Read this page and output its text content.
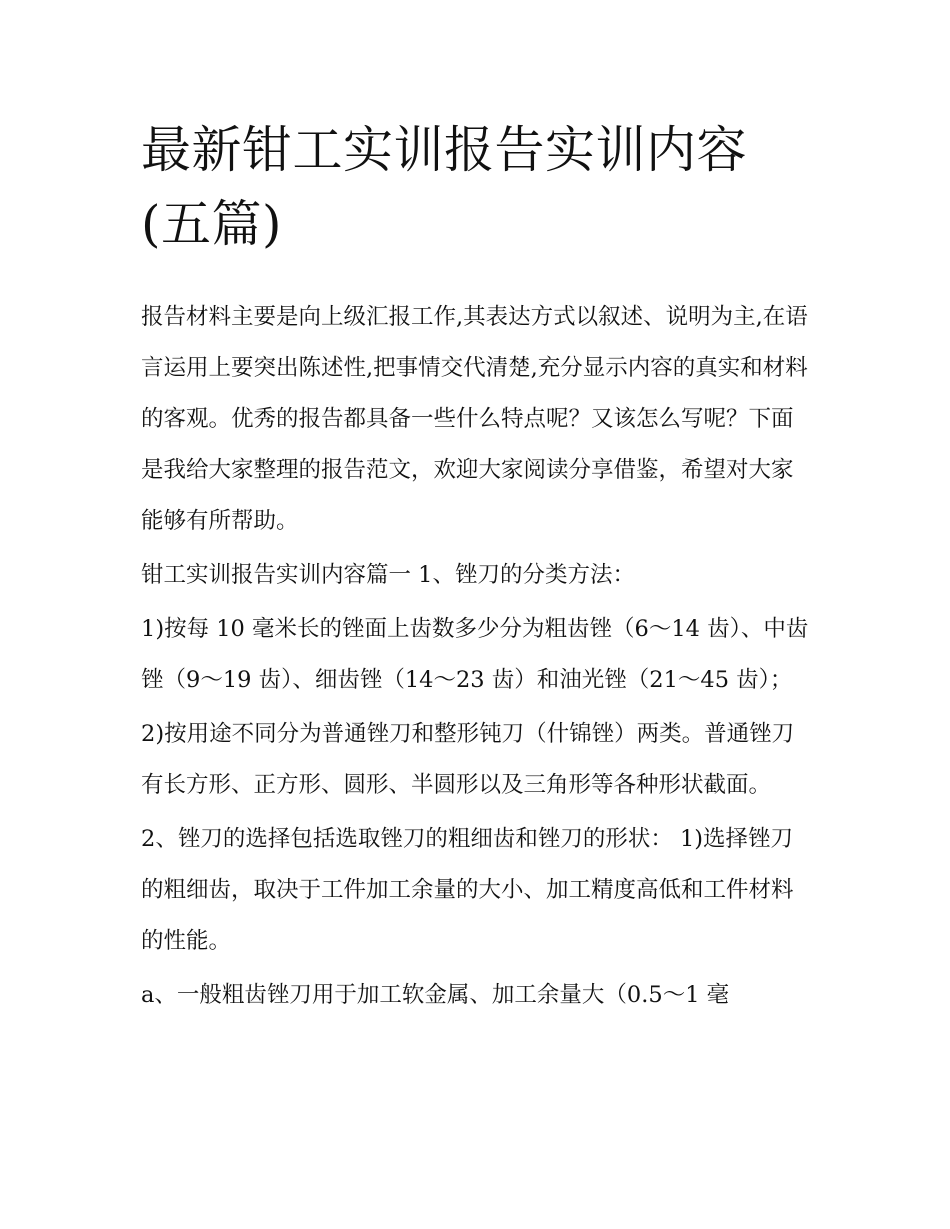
最新钳工实训报告实训内容(五篇)

报告材料主要是向上级汇报工作,其表达方式以叙述、说明为主,在语言运用上要突出陈述性,把事情交代清楚,充分显示内容的真实和材料的客观。优秀的报告都具备一些什么特点呢？又该怎么写呢？下面是我给大家整理的报告范文，欢迎大家阅读分享借鉴，希望对大家能够有所帮助。

钳工实训报告实训内容篇一 1、锉刀的分类方法：

1)按每 10 毫米长的锉面上齿数多少分为粗齿锉（6～14 齿）、中齿锉（9～19 齿）、细齿锉（14～23 齿）和油光锉（21～45 齿）；

2)按用途不同分为普通锉刀和整形钝刀（什锦锉）两类。普通锉刀有长方形、正方形、圆形、半圆形以及三角形等各种形状截面。

2、锉刀的选择包括选取锉刀的粗细齿和锉刀的形状： 1)选择锉刀的粗细齿，取决于工件加工余量的大小、加工精度高低和工件材料的性能。

a、一般粗齿锉刀用于加工软金属、加工余量大（0.5～1 毫
